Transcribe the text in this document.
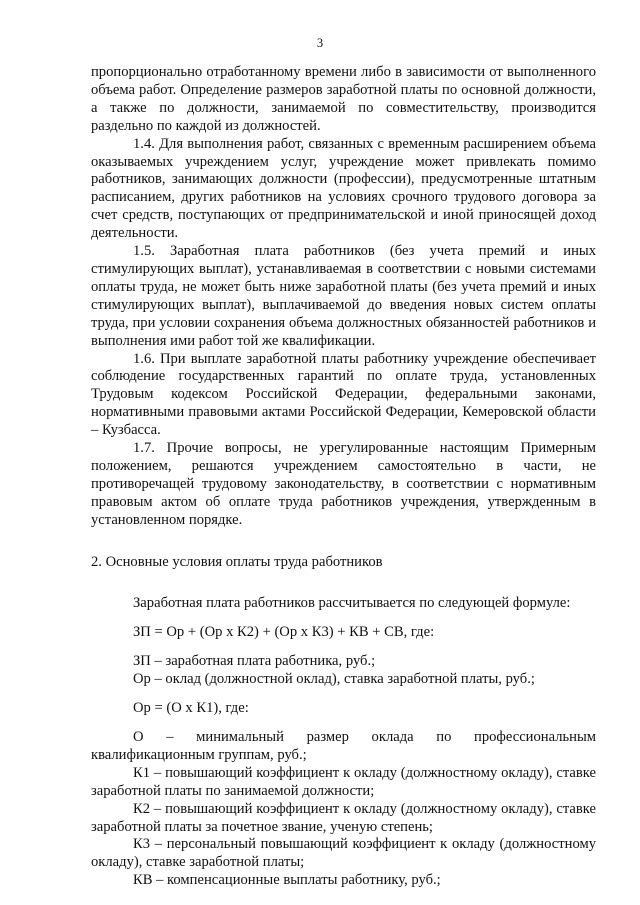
3

пропорционально отработанному времени либо в зависимости от выполненного объема работ. Определение размеров заработной платы по основной должности, а также по должности, занимаемой по совместительству, производится раздельно по каждой из должностей.

1.4. Для выполнения работ, связанных с временным расширением объема оказываемых учреждением услуг, учреждение может привлекать помимо работников, занимающих должности (профессии), предусмотренные штатным расписанием, других работников на условиях срочного трудового договора за счет средств, поступающих от предпринимательской и иной приносящей доход деятельности.

1.5. Заработная плата работников (без учета премий и иных стимулирующих выплат), устанавливаемая в соответствии с новыми системами оплаты труда, не может быть ниже заработной платы (без учета премий и иных стимулирующих выплат), выплачиваемой до введения новых систем оплаты труда, при условии сохранения объема должностных обязанностей работников и выполнения ими работ той же квалификации.

1.6. При выплате заработной платы работнику учреждение обеспечивает соблюдение государственных гарантий по оплате труда, установленных Трудовым кодексом Российской Федерации, федеральными законами, нормативными правовыми актами Российской Федерации, Кемеровской области – Кузбасса.

1.7. Прочие вопросы, не урегулированные настоящим Примерным положением, решаются учреждением самостоятельно в части, не противоречащей трудовому законодательству, в соответствии с нормативным правовым актом об оплате труда работников учреждения, утвержденным в установленном порядке.

2. Основные условия оплаты труда работников

Заработная плата работников рассчитывается по следующей формуле:

ЗП = Ор + (Ор х К2) + (Ор х К3) + КВ + СВ, где:

ЗП – заработная плата работника, руб.;

Ор – оклад (должностной оклад), ставка заработной платы, руб.;

Ор = (О х К1), где:

О – минимальный размер оклада по профессиональным квалификационным группам, руб.;

К1 – повышающий коэффициент к окладу (должностному окладу), ставке заработной платы по занимаемой должности;

К2 – повышающий коэффициент к окладу (должностному окладу), ставке заработной платы за почетное звание, ученую степень;

К3 – персональный повышающий коэффициент к окладу (должностному окладу), ставке заработной платы;

КВ – компенсационные выплаты работнику, руб.;
